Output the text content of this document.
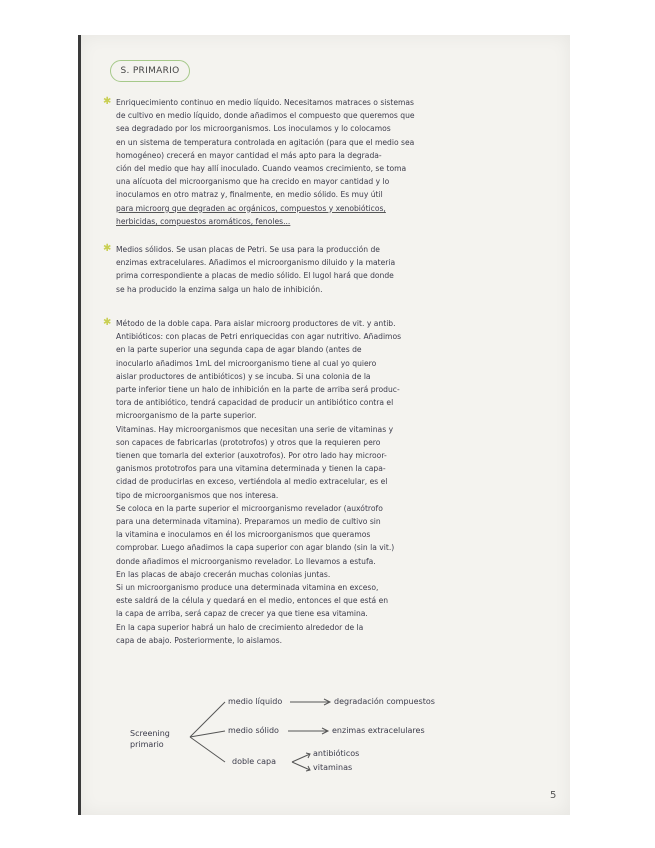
S. PRIMARIO
✱ Enriquecimiento continuo en medio líquido. Necesitamos matraces o sistemas
de cultivo en medio líquido, donde añadimos el compuesto que queremos que
sea degradado por los microorganismos. Los inoculamos y lo colocamos
en un sistema de temperatura controlada en agitación (para que el medio sea
homogéneo) crecerá en mayor cantidad el más apto para la degrada-
ción del medio que hay allí inoculado. Cuando veamos crecimiento, se toma
una alícuota del microorganismo que ha crecido en mayor cantidad y lo
inoculamos en otro matraz y, finalmente, en medio sólido. Es muy útil
para microorg que degraden ac orgánicos, compuestos y xenobióticos,
herbicidas, compuestos aromáticos, fenoles...
✱ Medios sólidos. Se usan placas de Petri. Se usa para la producción de
enzimas extracelulares. Añadimos el microorganismo diluido y la materia
prima correspondiente a placas de medio sólido. El lugol hará que donde
se ha producido la enzima salga un halo de inhibición.
✱ Método de la doble capa. Para aislar microorg productores de vit. y antib.
Antibióticos: con placas de Petri enriquecidas con agar nutritivo. Añadimos
en la parte superior una segunda capa de agar blando (antes de
inocularlo añadimos 1mL del microorganismo tiene al cual yo quiero
aislar productores de antibióticos) y se incuba. Si una colonia de la
parte inferior tiene un halo de inhibición en la parte de arriba será produc-
tora de antibiótico, tendrá capacidad de producir un antibiótico contra el
microorganismo de la parte superior.
Vitaminas. Hay microorganismos que necesitan una serie de vitaminas y
son capaces de fabricarlas (prototrofos) y otros que la requieren pero
tienen que tomarla del exterior (auxotrofos). Por otro lado hay microor-
ganismos prototrofos para una vitamina determinada y tienen la capa-
cidad de producirlas en exceso, vertiéndola al medio extracelular, es el
tipo de microorganismos que nos interesa.
Se coloca en la parte superior el microorganismo revelador (auxótrofo
para una determinada vitamina). Preparamos un medio de cultivo sin
la vitamina e inoculamos en él los microorganismos que queramos
comprobar. Luego añadimos la capa superior con agar blando (sin la vit.)
donde añadimos el microorganismo revelador. Lo llevamos a estufa.
En las placas de abajo crecerán muchas colonias juntas.
Si un microorganismo produce una determinada vitamina en exceso,
este saldrá de la célula y quedará en el medio, entonces el que está en
la capa de arriba, será capaz de crecer ya que tiene esa vitamina.
En la capa superior habrá un halo de crecimiento alrededor de la
capa de abajo. Posteriormente, lo aislamos.
Screening primario
medio líquido	degradación compuestos
medio sólido	enzimas extracelulares
doble capa
antibióticos
vitaminas
5
